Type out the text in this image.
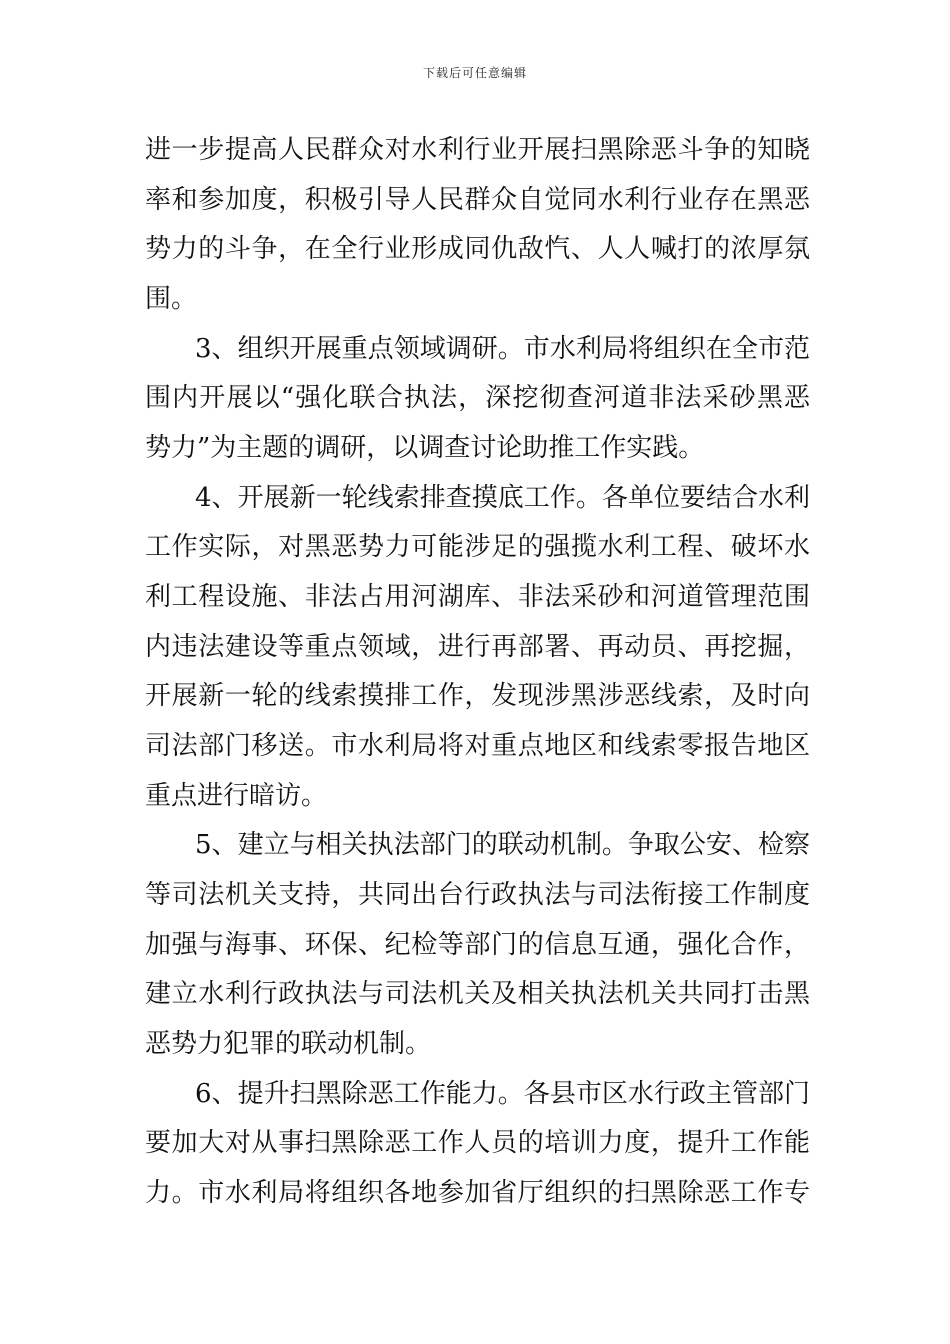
下载后可任意编辑
进一步提高人民群众对水利行业开展扫黑除恶斗争的知晓
率和参加度，积极引导人民群众自觉同水利行业存在黑恶
势力的斗争，在全行业形成同仇敌忾、人人喊打的浓厚氛
围。
3、组织开展重点领域调研。市水利局将组织在全市范
围内开展以“强化联合执法，深挖彻查河道非法采砂黑恶
势力”为主题的调研，以调查讨论助推工作实践。
4、开展新一轮线索排查摸底工作。各单位要结合水利
工作实际，对黑恶势力可能涉足的强揽水利工程、破坏水
利工程设施、非法占用河湖库、非法采砂和河道管理范围
内违法建设等重点领域，进行再部署、再动员、再挖掘，
开展新一轮的线索摸排工作，发现涉黑涉恶线索，及时向
司法部门移送。市水利局将对重点地区和线索零报告地区
重点进行暗访。
5、建立与相关执法部门的联动机制。争取公安、检察
等司法机关支持，共同出台行政执法与司法衔接工作制度
加强与海事、环保、纪检等部门的信息互通，强化合作，
建立水利行政执法与司法机关及相关执法机关共同打击黑
恶势力犯罪的联动机制。
6、提升扫黑除恶工作能力。各县市区水行政主管部门
要加大对从事扫黑除恶工作人员的培训力度，提升工作能
力。市水利局将组织各地参加省厅组织的扫黑除恶工作专
